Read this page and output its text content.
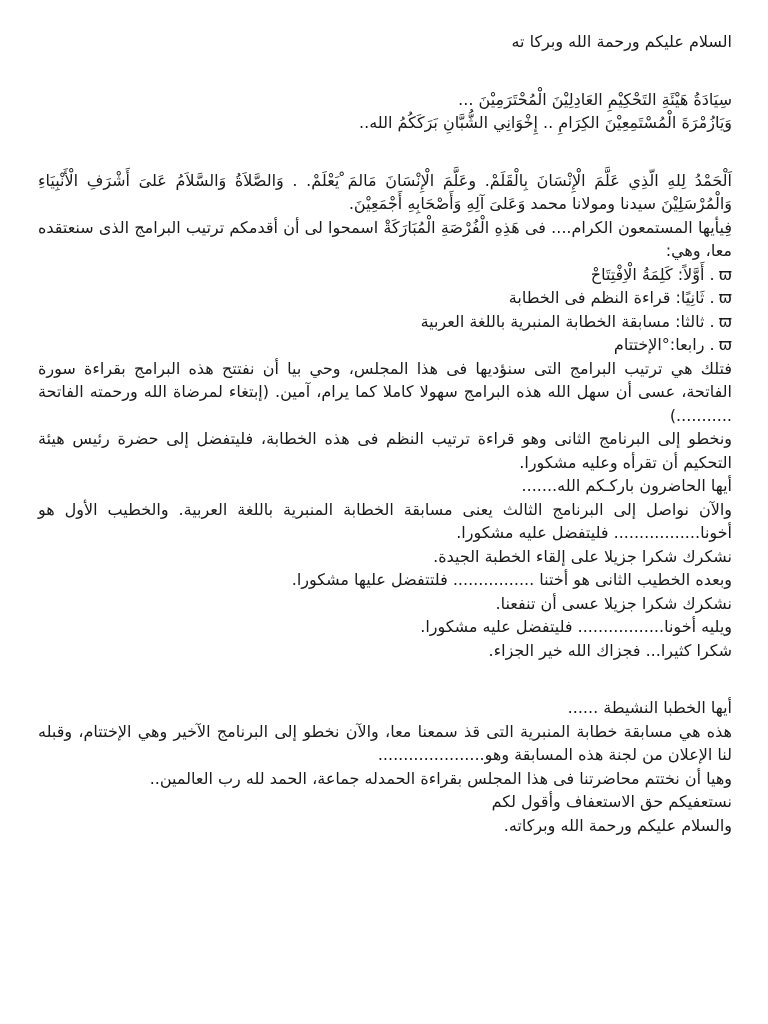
السلام عليكم ورحمة الله وبركا ته

سِيَادَةُ هَيْئَةِ التَحْكِيْمِ العَادِلِيْنَ الْمُحْتَرَمِيْنَ ...

وَيَازُمْرَةَ الْمُسْتَمِعِيْنَ الكِرَامِ .. إِخْوَانِي الشُّبَّانِ بَرَكَكُمُ الله..

اَلْحَمْدُ لِلهِ الّذِي عَلَّمَ الْإِنْسَانَ بِالْقَلَمْ. وعَلَّمَ الْإِنْسَانَ مَالمَ ْيَعْلَمْ. . وَالصَّلاَةُ وَالسَّلاَمُ عَلىَ أَشْرَفِ الْأَنْبِيَاءِ وَالْمُرْسَلِيْنَ سيدنا ومولانا محمد وَعَلىَ آلِهِ وَأَصْحَابِهِ أَجْمَعِيْنَ.

فِيأيها المستمعون الكرام.... فى هَذِهِ الْفُرْصَةِ الْمُبَارَكَةْ اسمحوا لى أن أقدمكم ترتيب البرامج الذى سنعتقده معا، وهي:

ϖ. أَوَّلاً: كَلِمَةُ الْاِفْتِتَاحْ

ϖ. ثَانِيًا: قراءة النظم فى الخطابة

ϖ. ثالثا: مسابقة الخطابة المنبرية باللغة العربية

ϖ. رابعا:°الإختتام

فتلك هي ترتيب البرامج التى سنؤديها فى هذا المجلس، وحي بيا أن نفتتح هذه البرامج بقراءة سورة الفاتحة، عسى أن سهل الله هذه البرامج سهولا كاملا كما يرام، آمين. (إبتغاء لمرضاة الله ورحمته الفاتحة ...........)

ونخطو إلى البرنامج الثانى وهو قراءة ترتيب النظم فى هذه الخطابة، فليتفضل إلى حضرة رئيس هيئة التحكيم أن تقرأه وعليه مشكورا.

أيها الحاضرون باركـكم الله.......

والآن نواصل إلى البرنامج الثالث يعنى مسابقة الخطابة المنبرية باللغة العربية. والخطيب الأول هو أخونا................. فليتفضل عليه مشكورا.

نشكرك شكرا جزيلا على إلقاء الخطبة الجيدة.

وبعده الخطيب الثانى هو أختنا ................ فلتتفضل عليها مشكورا.

نشكرك شكرا جزيلا عسى أن تنفعنا.

ويليه أخونا................. فليتفضل عليه مشكورا.

شكرا كثيرا... فجزاك الله خير الجزاء.

أيها الخطبا النشيطة ......

هذه هي مسابقة خطابة المنبرية التى قذ سمعنا معا، والآن نخطو إلى البرنامج الآخير وهي الإختتام، وقبله لنا الإعلان من لجنة هذه المسابقة وهو.....................

وهيا أن نختتم محاضرتنا فى هذا المجلس بقراءة الحمدله جماعة، الحمد لله رب العالمين..

نستعفيكم حق الاستعفاف وأقول لكم

والسلام عليكم ورحمة الله وبركاته.
